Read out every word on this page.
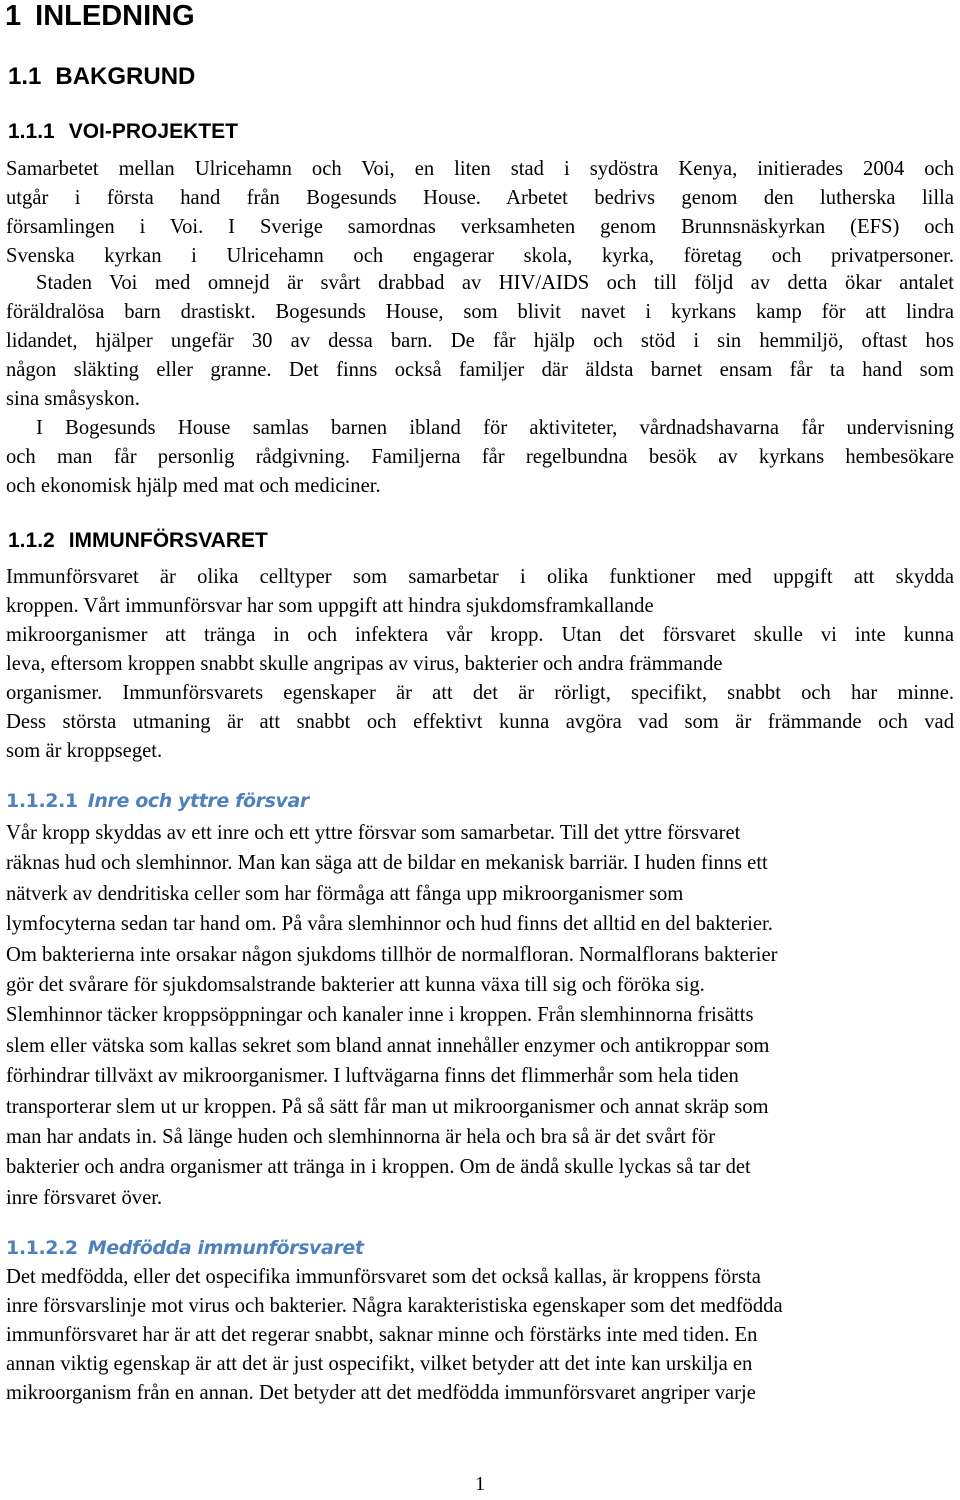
1 INLEDNING
1.1 BAKGRUND
1.1.1 VOI-PROJEKTET
Samarbetet mellan Ulricehamn och Voi, en liten stad i sydöstra Kenya, initierades 2004 och
utgår i första hand från Bogesunds House. Arbetet bedrivs genom den lutherska lilla
församlingen i Voi. I Sverige samordnas verksamheten genom Brunnsnäskyrkan (EFS) och
Svenska kyrkan i Ulricehamn och engagerar skola, kyrka, företag och privatpersoner.
Staden Voi med omnejd är svårt drabbad av HIV/AIDS och till följd av detta ökar antalet
föräldralösa barn drastiskt. Bogesunds House, som blivit navet i kyrkans kamp för att lindra
lidandet, hjälper ungefär 30 av dessa barn. De får hjälp och stöd i sin hemmiljö, oftast hos
någon släkting eller granne. Det finns också familjer där äldsta barnet ensam får ta hand som
sina småsyskon.
I Bogesunds House samlas barnen ibland för aktiviteter, vårdnadshavarna får undervisning
och man får personlig rådgivning. Familjerna får regelbundna besök av kyrkans hembesökare
och ekonomisk hjälp med mat och mediciner.
1.1.2 IMMUNFÖRSVARET
Immunförsvaret är olika celltyper som samarbetar i olika funktioner med uppgift att skydda
kroppen. Vårt immunförsvar har som uppgift att hindra sjukdomsframkallande
mikroorganismer att tränga in och infektera vår kropp. Utan det försvaret skulle vi inte kunna
leva, eftersom kroppen snabbt skulle angripas av virus, bakterier och andra främmande
organismer. Immunförsvarets egenskaper är att det är rörligt, specifikt, snabbt och har minne.
Dess största utmaning är att snabbt och effektivt kunna avgöra vad som är främmande och vad
som är kroppseget.
1.1.2.1 Inre och yttre försvar
Vår kropp skyddas av ett inre och ett yttre försvar som samarbetar. Till det yttre försvaret
räknas hud och slemhinnor. Man kan säga att de bildar en mekanisk barriär. I huden finns ett
nätverk av dendritiska celler som har förmåga att fånga upp mikroorganismer som
lymfocyterna sedan tar hand om. På våra slemhinnor och hud finns det alltid en del bakterier.
Om bakterierna inte orsakar någon sjukdoms tillhör de normalfloran. Normalflorans bakterier
gör det svårare för sjukdomsalstrande bakterier att kunna växa till sig och föröka sig.
Slemhinnor täcker kroppsöppningar och kanaler inne i kroppen. Från slemhinnorna frisätts
slem eller vätska som kallas sekret som bland annat innehåller enzymer och antikroppar som
förhindrar tillväxt av mikroorganismer. I luftvägarna finns det flimmerhår som hela tiden
transporterar slem ut ur kroppen. På så sätt får man ut mikroorganismer och annat skräp som
man har andats in. Så länge huden och slemhinnorna är hela och bra så är det svårt för
bakterier och andra organismer att tränga in i kroppen. Om de ändå skulle lyckas så tar det
inre försvaret över.
1.1.2.2 Medfödda immunförsvaret
Det medfödda, eller det ospecifika immunförsvaret som det också kallas, är kroppens första
inre försvarslinje mot virus och bakterier. Några karakteristiska egenskaper som det medfödda
immunförsvaret har är att det regerar snabbt, saknar minne och förstärks inte med tiden. En
annan viktig egenskap är att det är just ospecifikt, vilket betyder att det inte kan urskilja en
mikroorganism från en annan. Det betyder att det medfödda immunförsvaret angriper varje
1
